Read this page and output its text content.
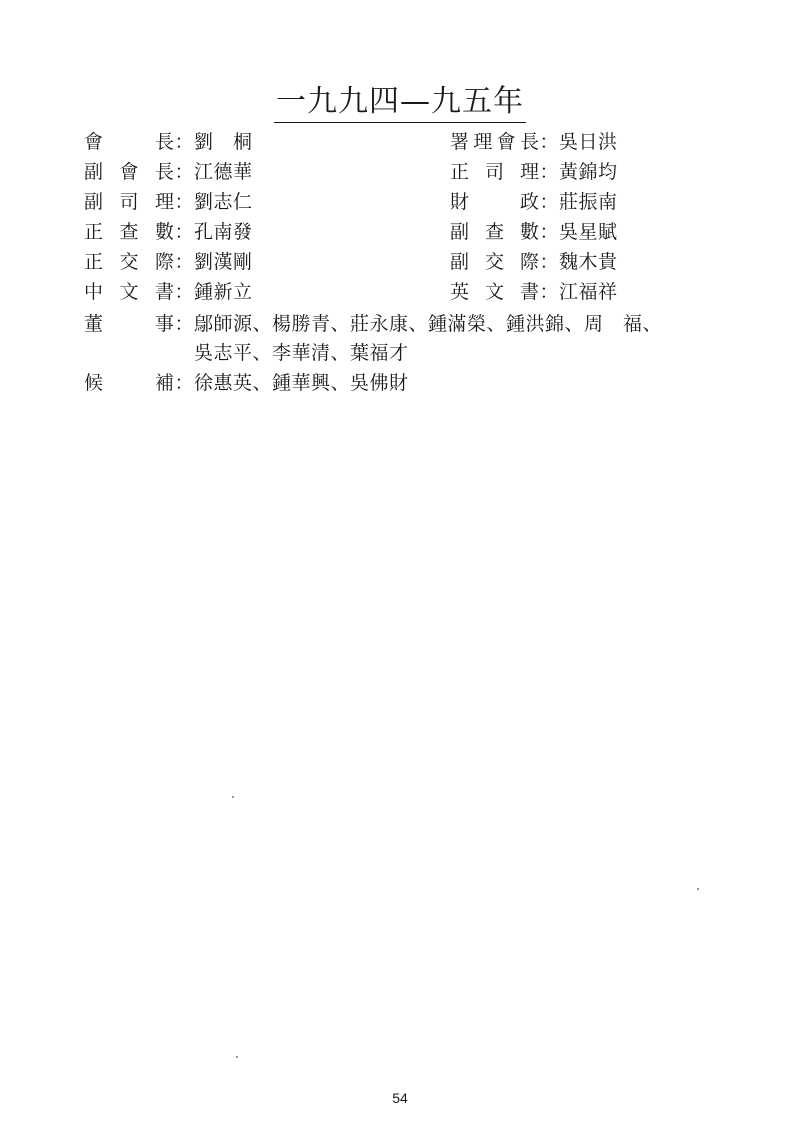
一九九四—九五年
會長：劉　桐	署理會長：吳日洪
副會長：江德華	正司理：黃錦均
副司理：劉志仁	財政：莊振南
正查數：孔南發	副查數：吳星賦
正交際：劉漢剛	副交際：魏木貴
中文書：鍾新立	英文書：江福祥
董事：鄔師源、楊勝青、莊永康、鍾滿榮、鍾洪錦、周　福、
吳志平、李華清、葉福才
候補：徐惠英、鍾華興、吳佛財
54
